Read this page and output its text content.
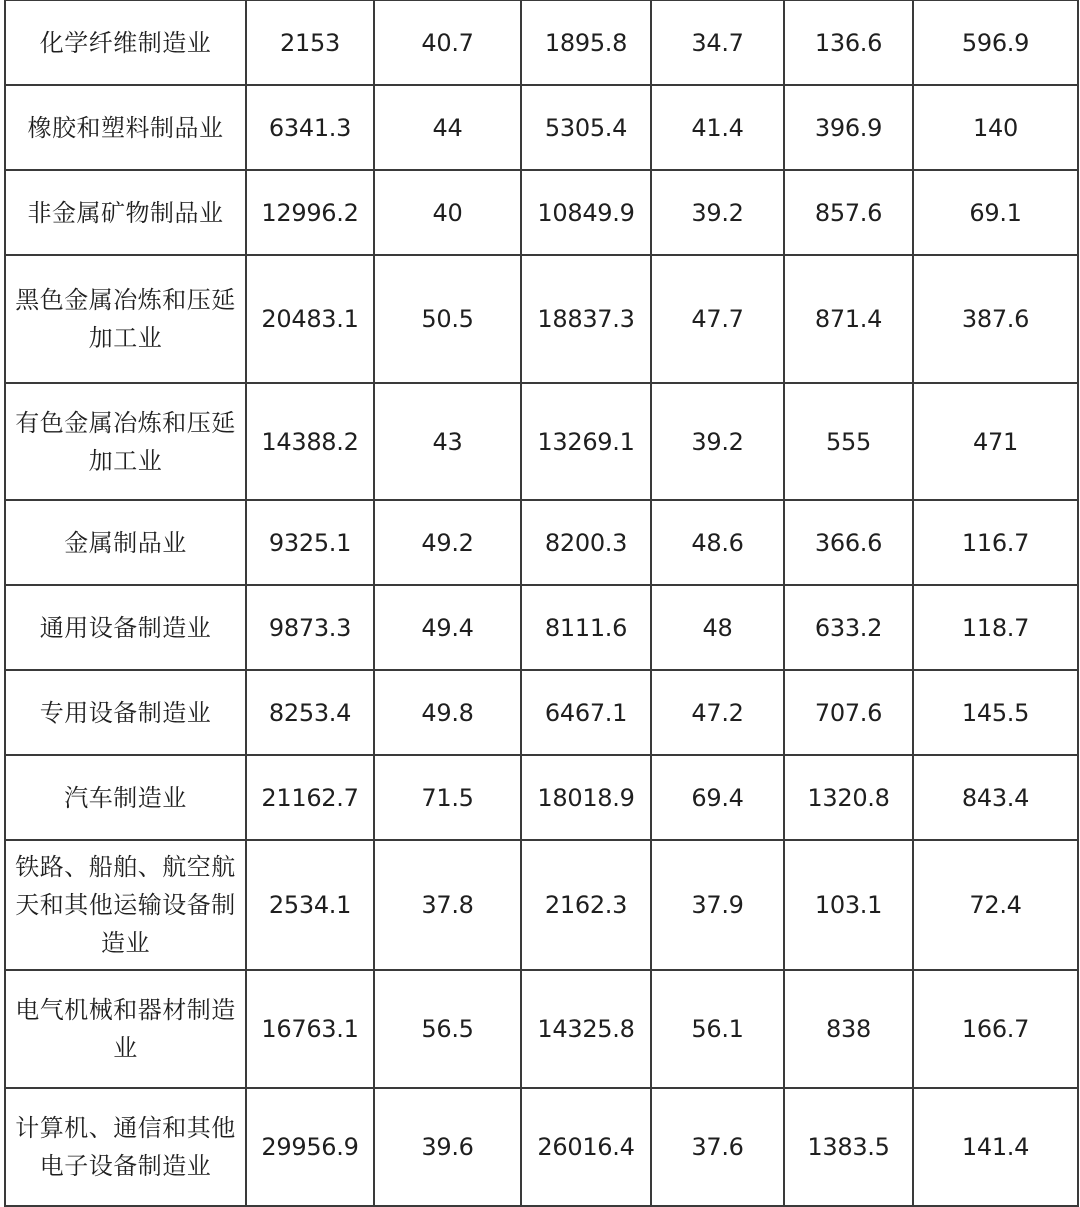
化学纤维制造业	2153	40.7	1895.8	34.7	136.6	596.9
橡胶和塑料制品业	6341.3	44	5305.4	41.4	396.9	140
非金属矿物制品业	12996.2	40	10849.9	39.2	857.6	69.1
黑色金属冶炼和压延加工业	20483.1	50.5	18837.3	47.7	871.4	387.6
有色金属冶炼和压延加工业	14388.2	43	13269.1	39.2	555	471
金属制品业	9325.1	49.2	8200.3	48.6	366.6	116.7
通用设备制造业	9873.3	49.4	8111.6	48	633.2	118.7
专用设备制造业	8253.4	49.8	6467.1	47.2	707.6	145.5
汽车制造业	21162.7	71.5	18018.9	69.4	1320.8	843.4
铁路、船舶、航空航天和其他运输设备制造业	2534.1	37.8	2162.3	37.9	103.1	72.4
电气机械和器材制造业	16763.1	56.5	14325.8	56.1	838	166.7
计算机、通信和其他电子设备制造业	29956.9	39.6	26016.4	37.6	1383.5	141.4
